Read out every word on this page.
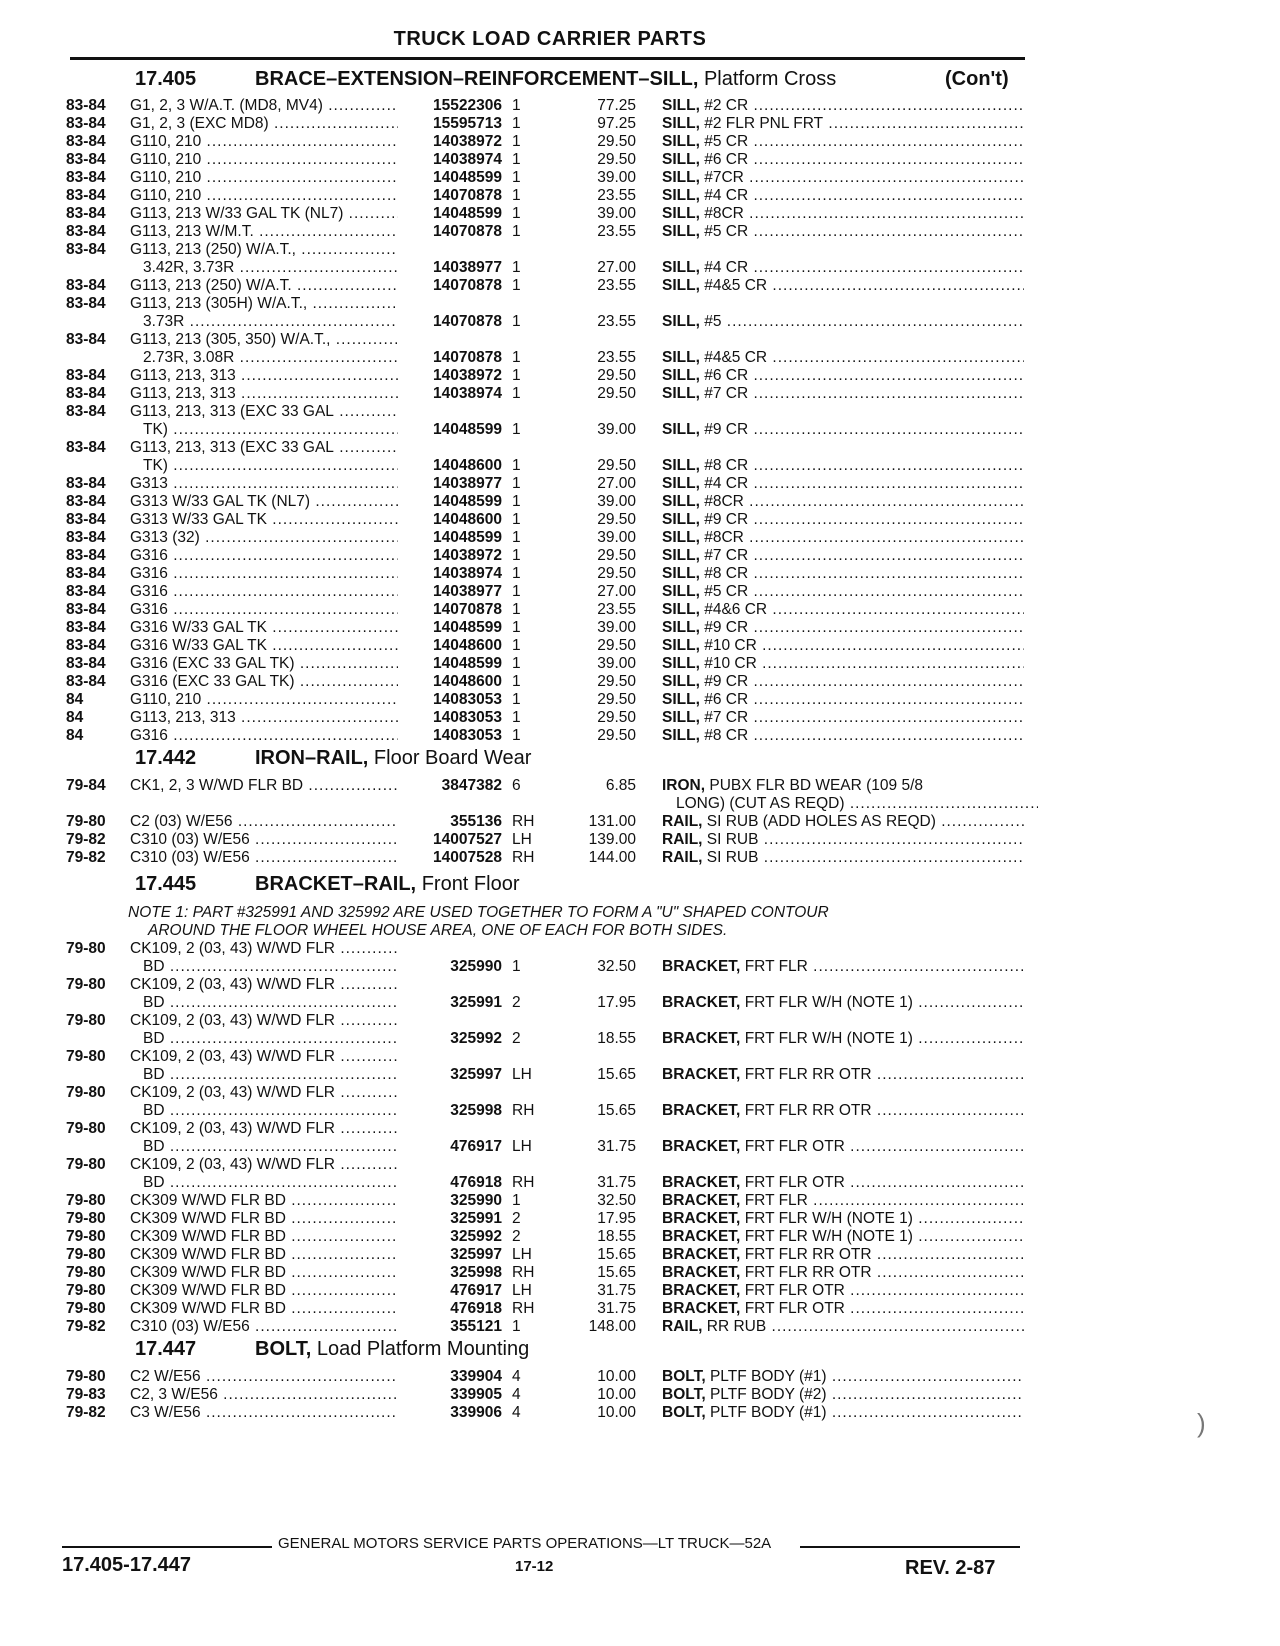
TRUCK LOAD CARRIER PARTS
17.405	BRACE–EXTENSION–REINFORCEMENT–SILL, Platform Cross	(Con't)
83-84 G1, 2, 3 W/A.T. (MD8, MV4) .....	15522306 1	77.25 SILL, #2 CR .....
83-84 G1, 2, 3 (EXC MD8) .....	15595713 1	97.25 SILL, #2 FLR PNL FRT .....
83-84 G110, 210 .....	14038972 1	29.50 SILL, #5 CR .....
83-84 G110, 210 .....	14038974 1	29.50 SILL, #6 CR .....
83-84 G110, 210 .....	14048599 1	39.00 SILL, #7CR .....
83-84 G110, 210 .....	14070878 1	23.55 SILL, #4 CR .....
83-84 G113, 213 W/33 GAL TK (NL7) .....	14048599 1	39.00 SILL, #8CR .....
83-84 G113, 213 W/M.T. .....	14070878 1	23.55 SILL, #5 CR .....
83-84 G113, 213 (250) W/A.T., .....
3.42R, 3.73R .....	14038977 1	27.00 SILL, #4 CR .....
83-84 G113, 213 (250) W/A.T. .....	14070878 1	23.55 SILL, #4&5 CR .....
83-84 G113, 213 (305H) W/A.T., .....
3.73R .....	14070878 1	23.55 SILL, #5 .....
83-84 G113, 213 (305, 350) W/A.T., .....
2.73R, 3.08R .....	14070878 1	23.55 SILL, #4&5 CR .....
83-84 G113, 213, 313 .....	14038972 1	29.50 SILL, #6 CR .....
83-84 G113, 213, 313 .....	14038974 1	29.50 SILL, #7 CR .....
83-84 G113, 213, 313 (EXC 33 GAL .....
TK) .....	14048599 1	39.00 SILL, #9 CR .....
83-84 G113, 213, 313 (EXC 33 GAL .....
TK) .....	14048600 1	29.50 SILL, #8 CR .....
83-84 G313 .....	14038977 1	27.00 SILL, #4 CR .....
83-84 G313 W/33 GAL TK (NL7) .....	14048599 1	39.00 SILL, #8CR .....
83-84 G313 W/33 GAL TK .....	14048600 1	29.50 SILL, #9 CR .....
83-84 G313 (32) .....	14048599 1	39.00 SILL, #8CR .....
83-84 G316 .....	14038972 1	29.50 SILL, #7 CR .....
83-84 G316 .....	14038974 1	29.50 SILL, #8 CR .....
83-84 G316 .....	14038977 1	27.00 SILL, #5 CR .....
83-84 G316 .....	14070878 1	23.55 SILL, #4&6 CR .....
83-84 G316 W/33 GAL TK .....	14048599 1	39.00 SILL, #9 CR .....
83-84 G316 W/33 GAL TK .....	14048600 1	29.50 SILL, #10 CR .....
83-84 G316 (EXC 33 GAL TK) .....	14048599 1	39.00 SILL, #10 CR .....
83-84 G316 (EXC 33 GAL TK) .....	14048600 1	29.50 SILL, #9 CR .....
84	G110, 210 .....	14083053 1	29.50 SILL, #6 CR .....
84	G113, 213, 313 .....	14083053 1	29.50 SILL, #7 CR .....
84	G316 .....	14083053 1	29.50 SILL, #8 CR .....
17.442	IRON–RAIL, Floor Board Wear
79-84 CK1, 2, 3 W/WD FLR BD .....	3847382 6	6.85 IRON, PUBX FLR BD WEAR (109 5/8
LONG) (CUT AS REQD) .....
79-80 C2 (03) W/E56 .....	355136 RH	131.00 RAIL, SI RUB (ADD HOLES AS REQD) .....
79-82 C310 (03) W/E56 .....	14007527 LH	139.00 RAIL, SI RUB .....
79-82 C310 (03) W/E56 .....	14007528 RH	144.00 RAIL, SI RUB .....
17.445	BRACKET–RAIL, Front Floor
NOTE 1: PART #325991 AND 325992 ARE USED TOGETHER TO FORM A "U" SHAPED CONTOUR
AROUND THE FLOOR WHEEL HOUSE AREA, ONE OF EACH FOR BOTH SIDES.
79-80 CK109, 2 (03, 43) W/WD FLR .....
BD .....	325990 1	32.50 BRACKET, FRT FLR .....
79-80 CK109, 2 (03, 43) W/WD FLR .....
BD .....	325991 2	17.95 BRACKET, FRT FLR W/H (NOTE 1) .....
79-80 CK109, 2 (03, 43) W/WD FLR .....
BD .....	325992 2	18.55 BRACKET, FRT FLR W/H (NOTE 1) .....
79-80 CK109, 2 (03, 43) W/WD FLR .....
BD .....	325997 LH	15.65 BRACKET, FRT FLR RR OTR .....
79-80 CK109, 2 (03, 43) W/WD FLR .....
BD .....	325998 RH	15.65 BRACKET, FRT FLR RR OTR .....
79-80 CK109, 2 (03, 43) W/WD FLR .....
BD .....	476917 LH	31.75 BRACKET, FRT FLR OTR .....
79-80 CK109, 2 (03, 43) W/WD FLR .....
BD .....	476918 RH	31.75 BRACKET, FRT FLR OTR .....
79-80 CK309 W/WD FLR BD .....	325990 1	32.50 BRACKET, FRT FLR .....
79-80 CK309 W/WD FLR BD .....	325991 2	17.95 BRACKET, FRT FLR W/H (NOTE 1) .....
79-80 CK309 W/WD FLR BD .....	325992 2	18.55 BRACKET, FRT FLR W/H (NOTE 1) .....
79-80 CK309 W/WD FLR BD .....	325997 LH	15.65 BRACKET, FRT FLR RR OTR .....
79-80 CK309 W/WD FLR BD .....	325998 RH	15.65 BRACKET, FRT FLR RR OTR .....
79-80 CK309 W/WD FLR BD .....	476917 LH	31.75 BRACKET, FRT FLR OTR .....
79-80 CK309 W/WD FLR BD .....	476918 RH	31.75 BRACKET, FRT FLR OTR .....
79-82 C310 (03) W/E56 .....	355121 1	148.00 RAIL, RR RUB .....
17.447	BOLT, Load Platform Mounting
79-80 C2 W/E56 .....	339904 4	10.00 BOLT, PLTF BODY (#1) .....
79-83 C2, 3 W/E56 .....	339905 4	10.00 BOLT, PLTF BODY (#2) .....
79-82 C3 W/E56 .....	339906 4	10.00 BOLT, PLTF BODY (#1) .....
GENERAL MOTORS SERVICE PARTS OPERATIONS—LT TRUCK—52A
17.405-17.447	17-12	REV. 2-87
)
